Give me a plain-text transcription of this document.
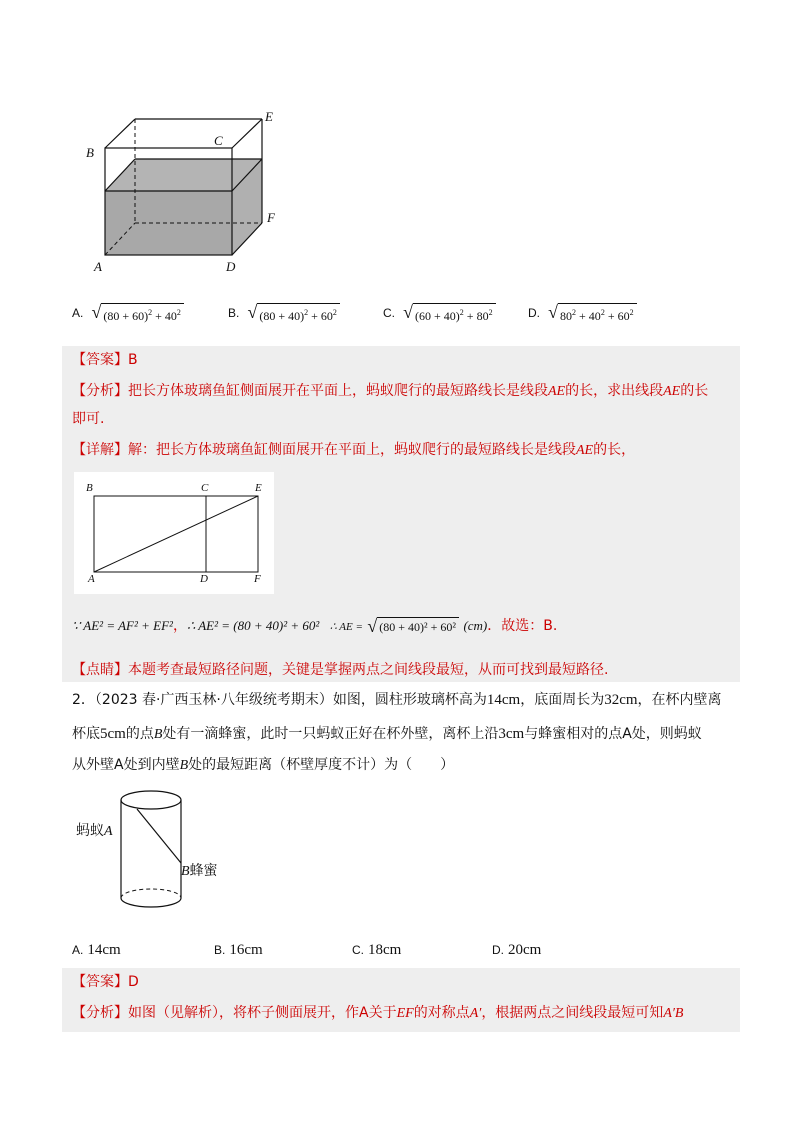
B
C
E
F
A	D
A. √ $(80 + 60)^2 + 40^2$	B. √ $(80 + 40)^2 + 60^2$	C. √ $(60 + 40)^2 + 80^2$	D. √ $80^2 + 40^2 + 60^2$
【答案】B
【分析】把长方体玻璃鱼缸侧面展开在平面上，蚂蚁爬行的最短路线长是线段AE的长，求出线段AE的长
即可.
【详解】解：把长方体玻璃鱼缸侧面展开在平面上，蚂蚁爬行的最短路线长是线段AE的长，
B	C	E
A	D	F
∵ AE² = AF² + EF²，∴ AE² = (80 + 40)² + 60² ∴ AE = √ (80 + 40)² + 60² (cm)．故选：B.
【点睛】本题考查最短路径问题，关键是掌握两点之间线段最短，从而可找到最短路径.
2．（2023 春·广西玉林·八年级统考期末）如图，圆柱形玻璃杯高为14cm，底面周长为32cm，在杯内壁离
杯底5cm的点B处有一滴蜂蜜，此时一只蚂蚁正好在杯外壁，离杯上沿3cm与蜂蜜相对的点A处，则蚂蚁
从外壁A处到内壁B处的最短距离（杯壁厚度不计）为（　　）
蚂蚁A
B蜂蜜
A. 14cm	B. 16cm	C. 18cm	D. 20cm
【答案】D
【分析】如图（见解析），将杯子侧面展开，作A关于EF的对称点A′，根据两点之间线段最短可知A′B
